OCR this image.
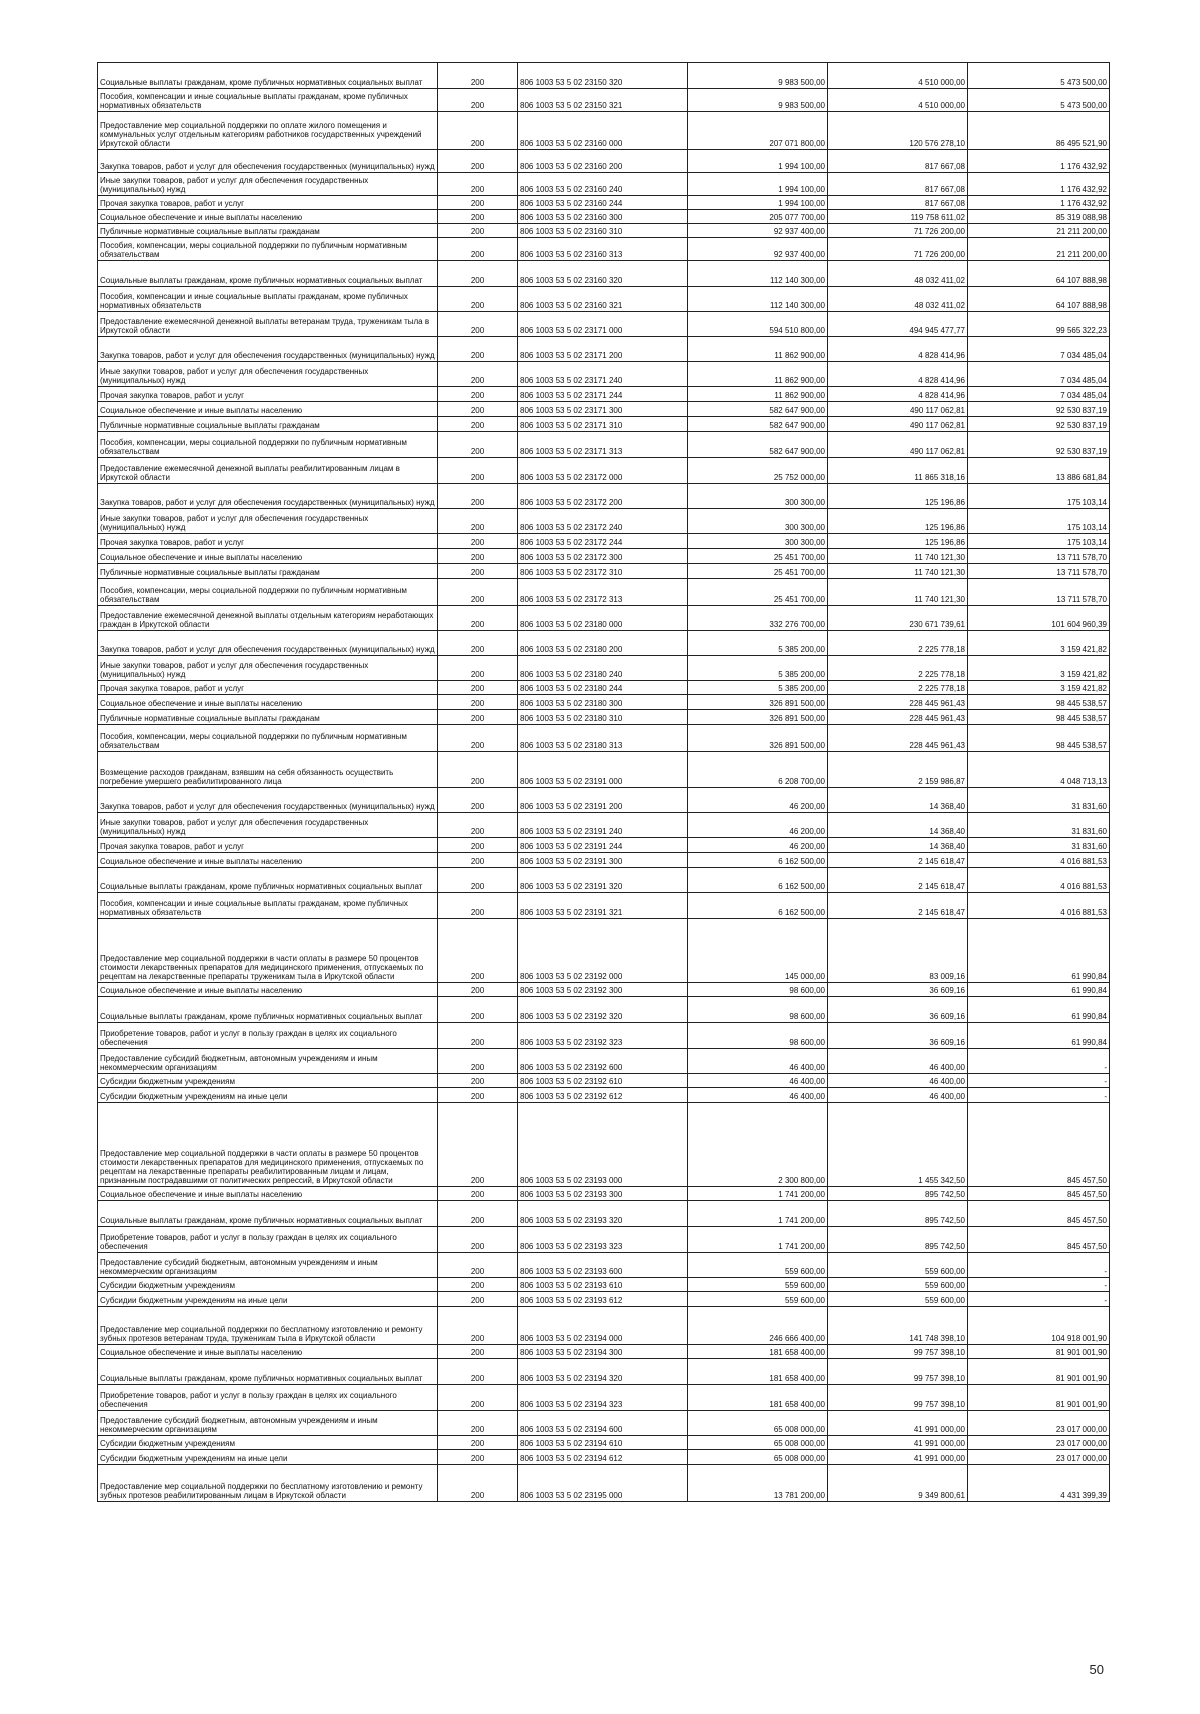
Социальные выплаты гражданам, кроме публичных нормативных социальных выплат	200	806 1003 53 5 02 23150 320	9 983 500,00	4 510 000,00	5 473 500,00
Пособия, компенсации и иные социальные выплаты гражданам, кроме публичных нормативных обязательств	200	806 1003 53 5 02 23150 321	9 983 500,00	4 510 000,00	5 473 500,00
Предоставление мер социальной поддержки по оплате жилого помещения и коммунальных услуг отдельным категориям работников государственных учреждений Иркутской области	200	806 1003 53 5 02 23160 000	207 071 800,00	120 576 278,10	86 495 521,90
Закупка товаров, работ и услуг для обеспечения государственных (муниципальных) нужд	200	806 1003 53 5 02 23160 200	1 994 100,00	817 667,08	1 176 432,92
Иные закупки товаров, работ и услуг для обеспечения государственных (муниципальных) нужд	200	806 1003 53 5 02 23160 240	1 994 100,00	817 667,08	1 176 432,92
Прочая закупка товаров, работ и услуг	200	806 1003 53 5 02 23160 244	1 994 100,00	817 667,08	1 176 432,92
Социальное обеспечение и иные выплаты населению	200	806 1003 53 5 02 23160 300	205 077 700,00	119 758 611,02	85 319 088,98
Публичные нормативные социальные выплаты гражданам	200	806 1003 53 5 02 23160 310	92 937 400,00	71 726 200,00	21 211 200,00
Пособия, компенсации, меры социальной поддержки по публичным нормативным обязательствам	200	806 1003 53 5 02 23160 313	92 937 400,00	71 726 200,00	21 211 200,00
Социальные выплаты гражданам, кроме публичных нормативных социальных выплат	200	806 1003 53 5 02 23160 320	112 140 300,00	48 032 411,02	64 107 888,98
Пособия, компенсации и иные социальные выплаты гражданам, кроме публичных нормативных обязательств	200	806 1003 53 5 02 23160 321	112 140 300,00	48 032 411,02	64 107 888,98
Предоставление ежемесячной денежной выплаты ветеранам труда, труженикам тыла в Иркутской области	200	806 1003 53 5 02 23171 000	594 510 800,00	494 945 477,77	99 565 322,23
Закупка товаров, работ и услуг для обеспечения государственных (муниципальных) нужд	200	806 1003 53 5 02 23171 200	11 862 900,00	4 828 414,96	7 034 485,04
Иные закупки товаров, работ и услуг для обеспечения государственных (муниципальных) нужд	200	806 1003 53 5 02 23171 240	11 862 900,00	4 828 414,96	7 034 485,04
Прочая закупка товаров, работ и услуг	200	806 1003 53 5 02 23171 244	11 862 900,00	4 828 414,96	7 034 485,04
Социальное обеспечение и иные выплаты населению	200	806 1003 53 5 02 23171 300	582 647 900,00	490 117 062,81	92 530 837,19
Публичные нормативные социальные выплаты гражданам	200	806 1003 53 5 02 23171 310	582 647 900,00	490 117 062,81	92 530 837,19
Пособия, компенсации, меры социальной поддержки по публичным нормативным обязательствам	200	806 1003 53 5 02 23171 313	582 647 900,00	490 117 062,81	92 530 837,19
Предоставление ежемесячной денежной выплаты реабилитированным лицам в Иркутской области	200	806 1003 53 5 02 23172 000	25 752 000,00	11 865 318,16	13 886 681,84
Закупка товаров, работ и услуг для обеспечения государственных (муниципальных) нужд	200	806 1003 53 5 02 23172 200	300 300,00	125 196,86	175 103,14
Иные закупки товаров, работ и услуг для обеспечения государственных (муниципальных) нужд	200	806 1003 53 5 02 23172 240	300 300,00	125 196,86	175 103,14
Прочая закупка товаров, работ и услуг	200	806 1003 53 5 02 23172 244	300 300,00	125 196,86	175 103,14
Социальное обеспечение и иные выплаты населению	200	806 1003 53 5 02 23172 300	25 451 700,00	11 740 121,30	13 711 578,70
Публичные нормативные социальные выплаты гражданам	200	806 1003 53 5 02 23172 310	25 451 700,00	11 740 121,30	13 711 578,70
Пособия, компенсации, меры социальной поддержки по публичным нормативным обязательствам	200	806 1003 53 5 02 23172 313	25 451 700,00	11 740 121,30	13 711 578,70
Предоставление ежемесячной денежной выплаты отдельным категориям неработающих граждан в Иркутской области	200	806 1003 53 5 02 23180 000	332 276 700,00	230 671 739,61	101 604 960,39
Закупка товаров, работ и услуг для обеспечения государственных (муниципальных) нужд	200	806 1003 53 5 02 23180 200	5 385 200,00	2 225 778,18	3 159 421,82
Иные закупки товаров, работ и услуг для обеспечения государственных (муниципальных) нужд	200	806 1003 53 5 02 23180 240	5 385 200,00	2 225 778,18	3 159 421,82
Прочая закупка товаров, работ и услуг	200	806 1003 53 5 02 23180 244	5 385 200,00	2 225 778,18	3 159 421,82
Социальное обеспечение и иные выплаты населению	200	806 1003 53 5 02 23180 300	326 891 500,00	228 445 961,43	98 445 538,57
Публичные нормативные социальные выплаты гражданам	200	806 1003 53 5 02 23180 310	326 891 500,00	228 445 961,43	98 445 538,57
Пособия, компенсации, меры социальной поддержки по публичным нормативным обязательствам	200	806 1003 53 5 02 23180 313	326 891 500,00	228 445 961,43	98 445 538,57
Возмещение расходов гражданам, взявшим на себя обязанность осуществить погребение умершего реабилитированного лица	200	806 1003 53 5 02 23191 000	6 208 700,00	2 159 986,87	4 048 713,13
Закупка товаров, работ и услуг для обеспечения государственных (муниципальных) нужд	200	806 1003 53 5 02 23191 200	46 200,00	14 368,40	31 831,60
Иные закупки товаров, работ и услуг для обеспечения государственных (муниципальных) нужд	200	806 1003 53 5 02 23191 240	46 200,00	14 368,40	31 831,60
Прочая закупка товаров, работ и услуг	200	806 1003 53 5 02 23191 244	46 200,00	14 368,40	31 831,60
Социальное обеспечение и иные выплаты населению	200	806 1003 53 5 02 23191 300	6 162 500,00	2 145 618,47	4 016 881,53
Социальные выплаты гражданам, кроме публичных нормативных социальных выплат	200	806 1003 53 5 02 23191 320	6 162 500,00	2 145 618,47	4 016 881,53
Пособия, компенсации и иные социальные выплаты гражданам, кроме публичных нормативных обязательств	200	806 1003 53 5 02 23191 321	6 162 500,00	2 145 618,47	4 016 881,53
Предоставление мер социальной поддержки в части оплаты в размере 50 процентов стоимости лекарственных препаратов для медицинского применения, отпускаемых по рецептам на лекарственные препараты труженикам тыла в Иркутской области	200	806 1003 53 5 02 23192 000	145 000,00	83 009,16	61 990,84
Социальное обеспечение и иные выплаты населению	200	806 1003 53 5 02 23192 300	98 600,00	36 609,16	61 990,84
Социальные выплаты гражданам, кроме публичных нормативных социальных выплат	200	806 1003 53 5 02 23192 320	98 600,00	36 609,16	61 990,84
Приобретение товаров, работ и услуг в пользу граждан в целях их социального обеспечения	200	806 1003 53 5 02 23192 323	98 600,00	36 609,16	61 990,84
Предоставление субсидий бюджетным, автономным учреждениям и иным некоммерческим организациям	200	806 1003 53 5 02 23192 600	46 400,00	46 400,00	-
Субсидии бюджетным учреждениям	200	806 1003 53 5 02 23192 610	46 400,00	46 400,00	-
Субсидии бюджетным учреждениям на иные цели	200	806 1003 53 5 02 23192 612	46 400,00	46 400,00	-
Предоставление мер социальной поддержки в части оплаты в размере 50 процентов стоимости лекарственных препаратов для медицинского применения, отпускаемых по рецептам на лекарственные препараты реабилитированным лицам и лицам, признанным пострадавшими от политических репрессий, в Иркутской области	200	806 1003 53 5 02 23193 000	2 300 800,00	1 455 342,50	845 457,50
Социальное обеспечение и иные выплаты населению	200	806 1003 53 5 02 23193 300	1 741 200,00	895 742,50	845 457,50
Социальные выплаты гражданам, кроме публичных нормативных социальных выплат	200	806 1003 53 5 02 23193 320	1 741 200,00	895 742,50	845 457,50
Приобретение товаров, работ и услуг в пользу граждан в целях их социального обеспечения	200	806 1003 53 5 02 23193 323	1 741 200,00	895 742,50	845 457,50
Предоставление субсидий бюджетным, автономным учреждениям и иным некоммерческим организациям	200	806 1003 53 5 02 23193 600	559 600,00	559 600,00	-
Субсидии бюджетным учреждениям	200	806 1003 53 5 02 23193 610	559 600,00	559 600,00	-
Субсидии бюджетным учреждениям на иные цели	200	806 1003 53 5 02 23193 612	559 600,00	559 600,00	-
Предоставление мер социальной поддержки по бесплатному изготовлению и ремонту зубных протезов ветеранам труда, труженикам тыла в Иркутской области	200	806 1003 53 5 02 23194 000	246 666 400,00	141 748 398,10	104 918 001,90
Социальное обеспечение и иные выплаты населению	200	806 1003 53 5 02 23194 300	181 658 400,00	99 757 398,10	81 901 001,90
Социальные выплаты гражданам, кроме публичных нормативных социальных выплат	200	806 1003 53 5 02 23194 320	181 658 400,00	99 757 398,10	81 901 001,90
Приобретение товаров, работ и услуг в пользу граждан в целях их социального обеспечения	200	806 1003 53 5 02 23194 323	181 658 400,00	99 757 398,10	81 901 001,90
Предоставление субсидий бюджетным, автономным учреждениям и иным некоммерческим организациям	200	806 1003 53 5 02 23194 600	65 008 000,00	41 991 000,00	23 017 000,00
Субсидии бюджетным учреждениям	200	806 1003 53 5 02 23194 610	65 008 000,00	41 991 000,00	23 017 000,00
Субсидии бюджетным учреждениям на иные цели	200	806 1003 53 5 02 23194 612	65 008 000,00	41 991 000,00	23 017 000,00
Предоставление мер социальной поддержки по бесплатному изготовлению и ремонту зубных протезов реабилитированным лицам в Иркутской области	200	806 1003 53 5 02 23195 000	13 781 200,00	9 349 800,61	4 431 399,39
50
